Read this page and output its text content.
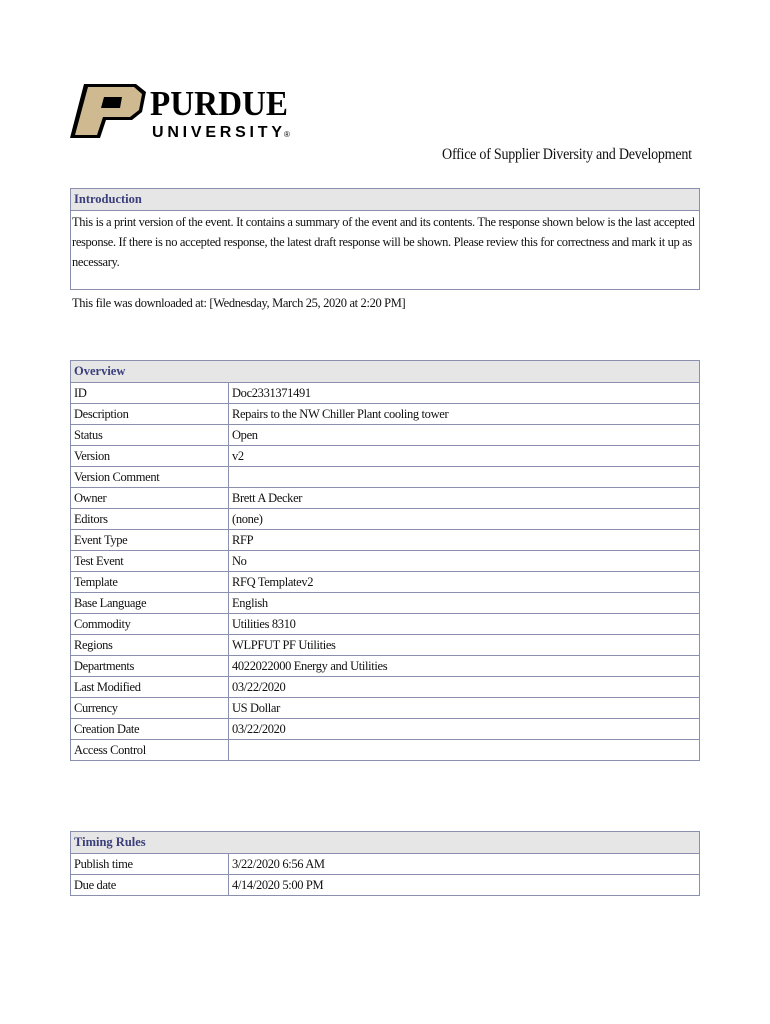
PURDUE
UNIVERSITY ®
Office of Supplier Diversity and Development
Introduction

This is a print version of the event. It contains a summary of the event and its contents. The response shown below is the last accepted response. If there is no accepted response, the latest draft response will be shown. Please review this for correctness and mark it up as necessary.

This file was downloaded at: [Wednesday, March 25, 2020 at 2:20 PM]

Overview
ID	Doc2331371491
Description	Repairs to the NW Chiller Plant cooling tower
Status	Open
Version	v2
Version Comment	
Owner	Brett A Decker
Editors	(none)
Event Type	RFP
Test Event	No
Template	RFQ Templatev2
Base Language	English
Commodity	Utilities 8310
Regions	WLPFUT PF Utilities
Departments	4022022000 Energy and Utilities
Last Modified	03/22/2020
Currency	US Dollar
Creation Date	03/22/2020
Access Control	
Timing Rules
Publish time	3/22/2020 6:56 AM
Due date	4/14/2020 5:00 PM
